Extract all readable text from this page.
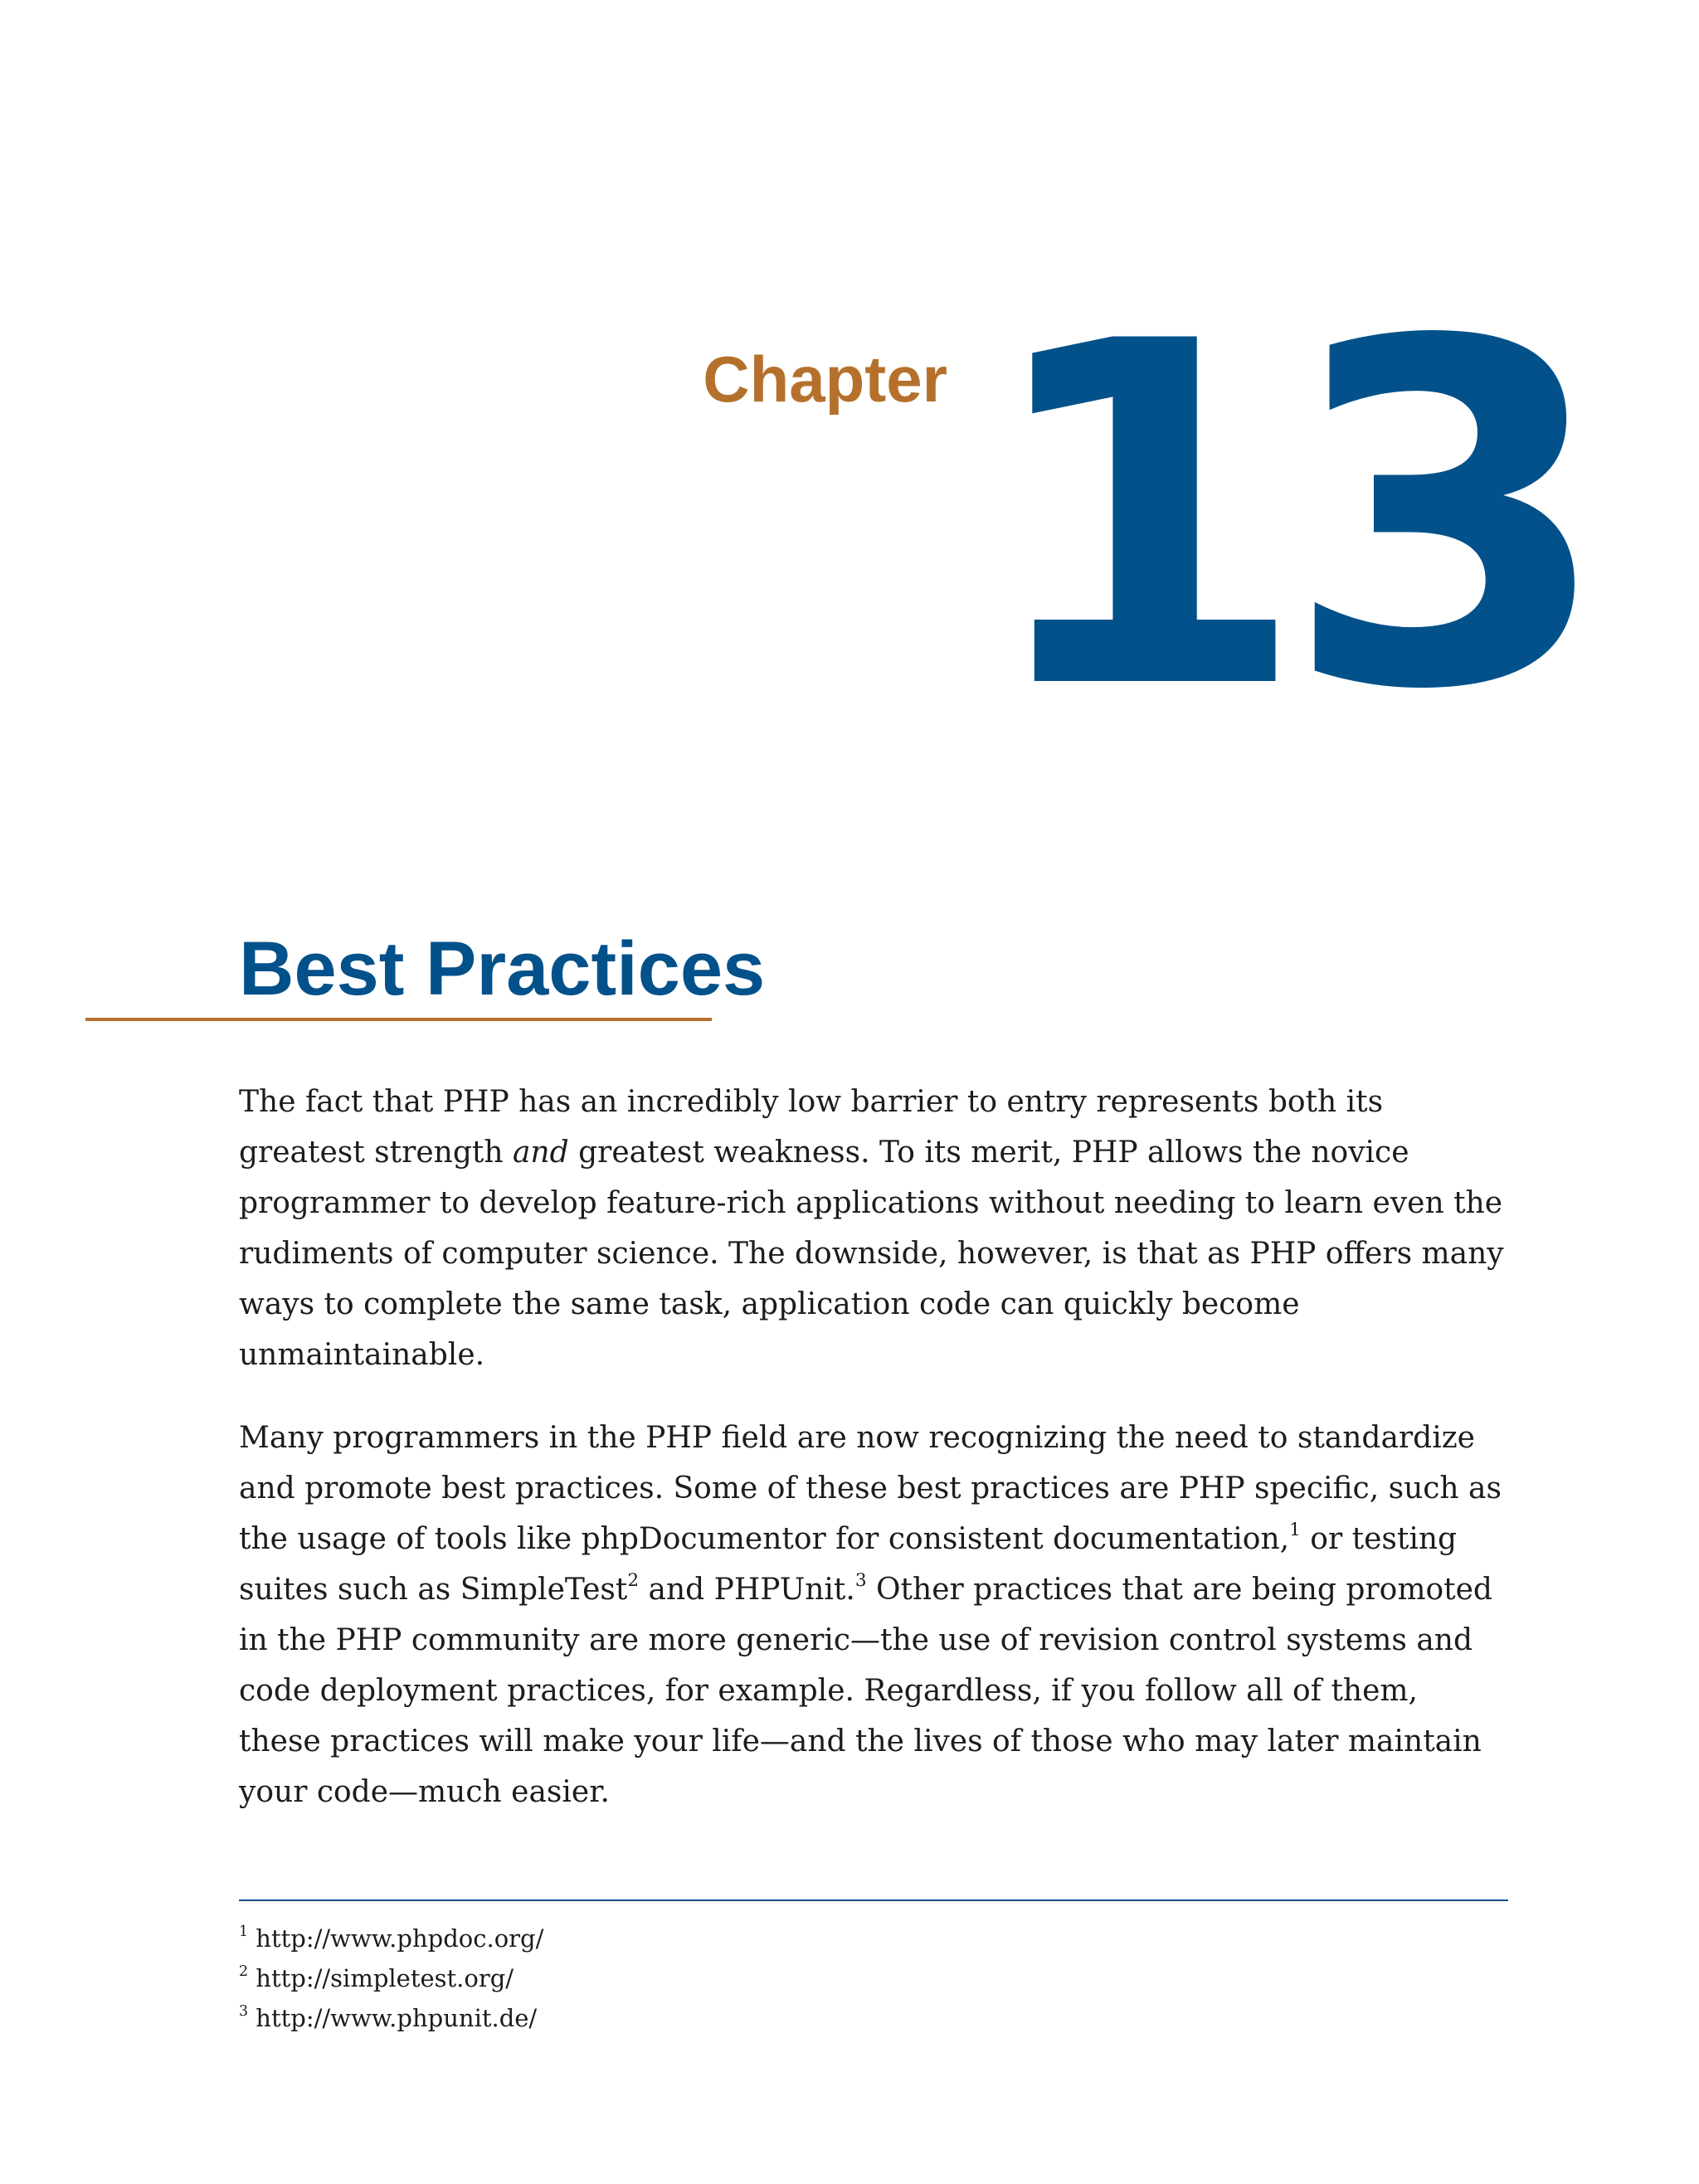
Chapter 13
Best Practices

The fact that PHP has an incredibly low barrier to entry represents both its greatest strength and greatest weakness. To its merit, PHP allows the novice programmer to develop feature-rich applications without needing to learn even the rudiments of computer science. The downside, however, is that as PHP offers many ways to complete the same task, application code can quickly become unmaintainable.

Many programmers in the PHP field are now recognizing the need to standardize and promote best practices. Some of these best practices are PHP specific, such as the usage of tools like phpDocumentor for consistent documentation,$^1$ or testing suites such as SimpleTest$^2$ and PHPUnit.$^3$ Other practices that are being promoted in the PHP community are more generic—the use of revision control systems and code deployment practices, for example. Regardless, if you follow all of them, these practices will make your life—and the lives of those who may later maintain your code—much easier.

$^1$ http://www.phpdoc.org/

$^2$ http://simpletest.org/

$^3$ http://www.phpunit.de/
